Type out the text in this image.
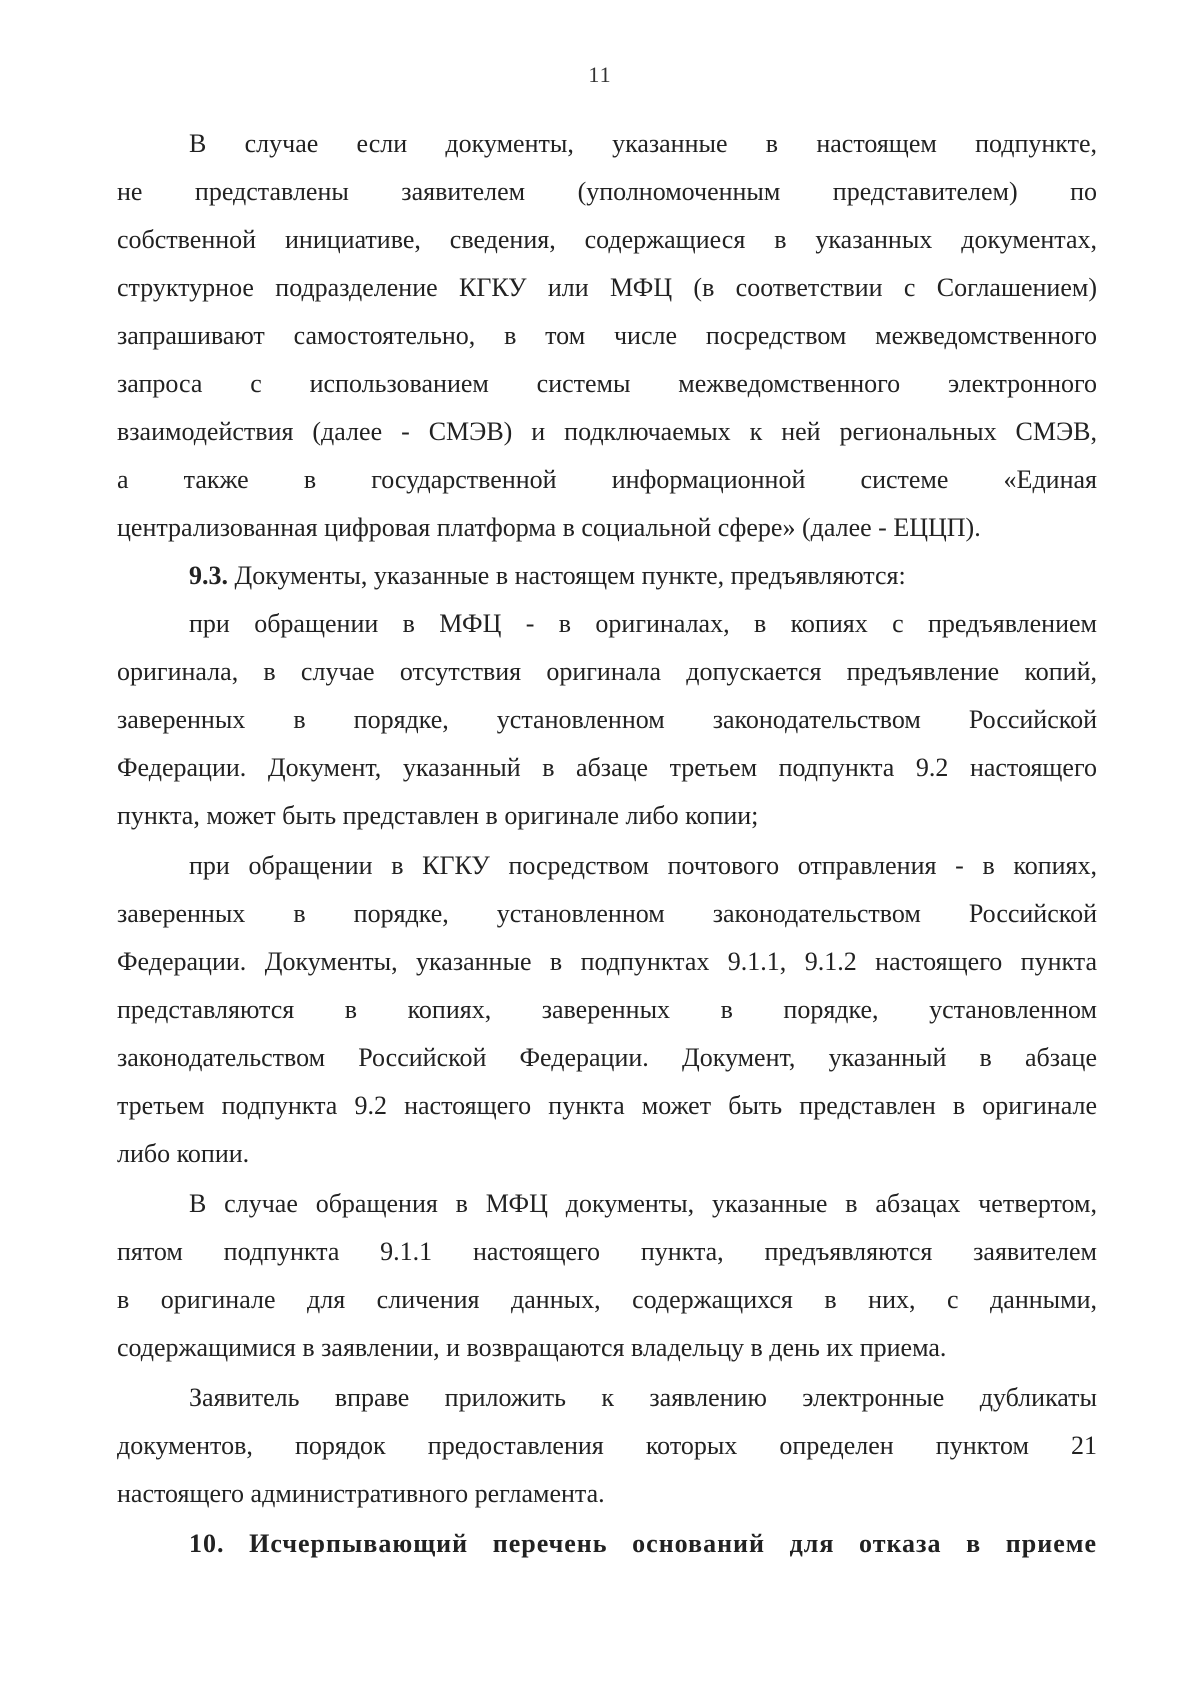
11
В случае если документы, указанные в настоящем подпункте,
не представлены заявителем (уполномоченным представителем) по
собственной инициативе, сведения, содержащиеся в указанных документах,
структурное подразделение КГКУ или МФЦ (в соответствии с Соглашением)
запрашивают самостоятельно, в том числе посредством межведомственного
запроса с использованием системы межведомственного электронного
взаимодействия (далее - СМЭВ) и подключаемых к ней региональных СМЭВ,
а также в государственной информационной системе «Единая
централизованная цифровая платформа в социальной сфере» (далее - ЕЦЦП).
9.3. Документы, указанные в настоящем пункте, предъявляются:
при обращении в МФЦ - в оригиналах, в копиях с предъявлением
оригинала, в случае отсутствия оригинала допускается предъявление копий,
заверенных в порядке, установленном законодательством Российской
Федерации. Документ, указанный в абзаце третьем подпункта 9.2 настоящего
пункта, может быть представлен в оригинале либо копии;
при обращении в КГКУ посредством почтового отправления - в копиях,
заверенных в порядке, установленном законодательством Российской
Федерации. Документы, указанные в подпунктах 9.1.1, 9.1.2 настоящего пункта
представляются в копиях, заверенных в порядке, установленном
законодательством Российской Федерации. Документ, указанный в абзаце
третьем подпункта 9.2 настоящего пункта может быть представлен в оригинале
либо копии.
В случае обращения в МФЦ документы, указанные в абзацах четвертом,
пятом подпункта 9.1.1 настоящего пункта, предъявляются заявителем
в оригинале для сличения данных, содержащихся в них, с данными,
содержащимися в заявлении, и возвращаются владельцу в день их приема.
Заявитель вправе приложить к заявлению электронные дубликаты
документов, порядок предоставления которых определен пунктом 21
настоящего административного регламента.
10. Исчерпывающий перечень оснований для отказа в приеме
